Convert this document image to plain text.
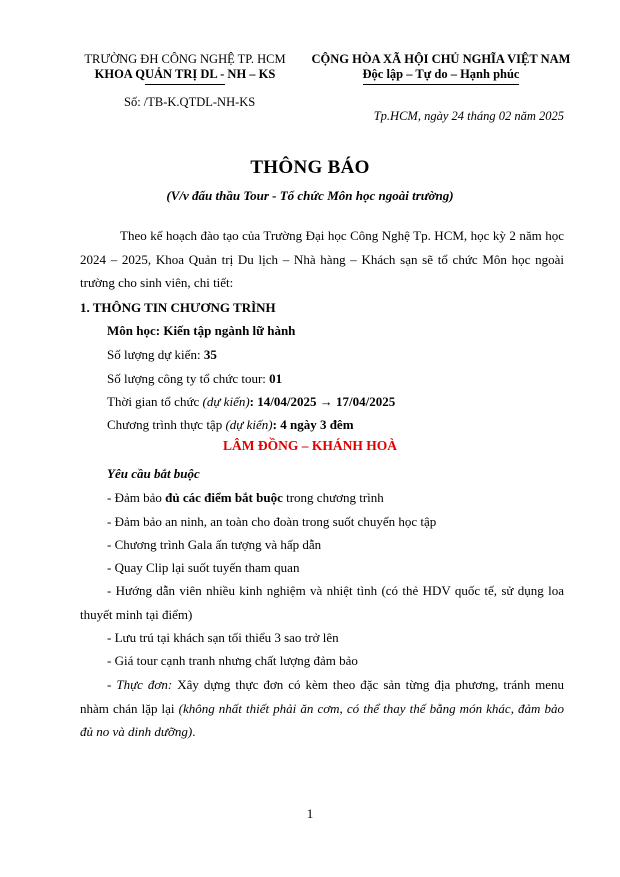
TRƯỜNG ĐH CÔNG NGHỆ TP. HCM
KHOA QUẢN TRỊ DL - NH – KS
CỘNG HÒA XÃ HỘI CHỦ NGHĨA VIỆT NAM
Độc lập – Tự do – Hạnh phúc
Số: /TB-K.QTDL-NH-KS
Tp.HCM, ngày 24 tháng 02 năm 2025
THÔNG BÁO
(V/v đấu thầu Tour - Tổ chức Môn học ngoài trường)
Theo kế hoạch đào tạo của Trường Đại học Công Nghệ Tp. HCM, học kỳ 2 năm học 2024 – 2025, Khoa Quản trị Du lịch – Nhà hàng – Khách sạn sẽ tổ chức Môn học ngoài trường cho sinh viên, chi tiết:
1. THÔNG TIN CHƯƠNG TRÌNH
Môn học: Kiến tập ngành lữ hành
Số lượng dự kiến: 35
Số lượng công ty tổ chức tour: 01
Thời gian tổ chức (dự kiến): 14/04/2025 → 17/04/2025
Chương trình thực tập (dự kiến): 4 ngày 3 đêm
LÂM ĐỒNG – KHÁNH HOÀ
Yêu cầu bắt buộc
- Đảm bảo đủ các điểm bắt buộc trong chương trình
- Đảm bảo an ninh, an toàn cho đoàn trong suốt chuyến học tập
- Chương trình Gala ấn tượng và hấp dẫn
- Quay Clip lại suốt tuyến tham quan
- Hướng dẫn viên nhiều kinh nghiệm và nhiệt tình (có thẻ HDV quốc tế, sử dụng loa thuyết minh tại điểm)
- Lưu trú tại khách sạn tối thiểu 3 sao trở lên
- Giá tour cạnh tranh nhưng chất lượng đảm bảo
- Thực đơn: Xây dựng thực đơn có kèm theo đặc sản từng địa phương, tránh menu nhàm chán lặp lại (không nhất thiết phải ăn cơm, có thể thay thế bằng món khác, đảm bảo đủ no và dinh dưỡng).
1
